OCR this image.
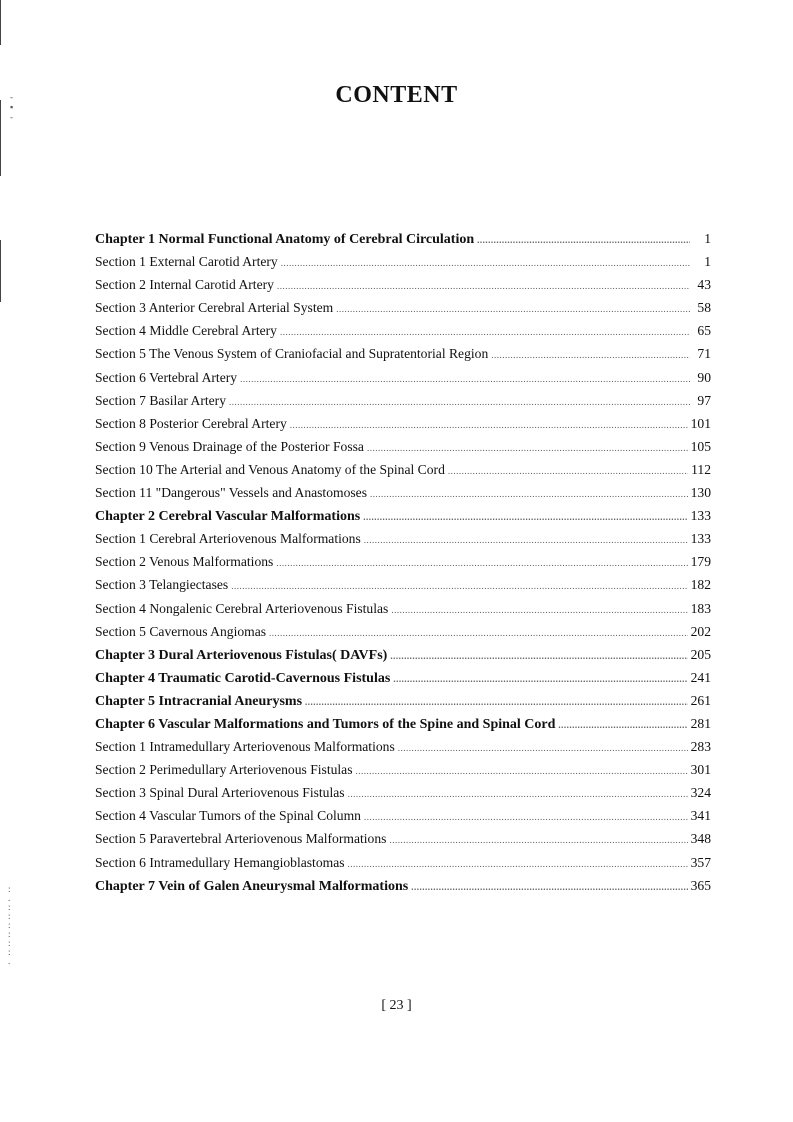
-
▪
-
:
.
:
:
:
:
:
:
.
CONTENT
Chapter 1 Normal Functional Anatomy of Cerebral Circulation .....	1
Section 1 External Carotid Artery .....	1
Section 2 Internal Carotid Artery .....	43
Section 3 Anterior Cerebral Arterial System .....	58
Section 4 Middle Cerebral Artery .....	65
Section 5 The Venous System of Craniofacial and Supratentorial Region .....	71
Section 6 Vertebral Artery .....	90
Section 7 Basilar Artery .....	97
Section 8 Posterior Cerebral Artery .....	101
Section 9 Venous Drainage of the Posterior Fossa .....	105
Section 10 The Arterial and Venous Anatomy of the Spinal Cord .....	112
Section 11 "Dangerous" Vessels and Anastomoses .....	130
Chapter 2 Cerebral Vascular Malformations .....	133
Section 1 Cerebral Arteriovenous Malformations .....	133
Section 2 Venous Malformations .....	179
Section 3 Telangiectases .....	182
Section 4 Nongalenic Cerebral Arteriovenous Fistulas .....	183
Section 5 Cavernous Angiomas .....	202
Chapter 3 Dural Arteriovenous Fistulas( DAVFs) .....	205
Chapter 4 Traumatic Carotid-Cavernous Fistulas .....	241
Chapter 5 Intracranial Aneurysms .....	261
Chapter 6 Vascular Malformations and Tumors of the Spine and Spinal Cord .....	281
Section 1 Intramedullary Arteriovenous Malformations .....	283
Section 2 Perimedullary Arteriovenous Fistulas .....	301
Section 3 Spinal Dural Arteriovenous Fistulas .....	324
Section 4 Vascular Tumors of the Spinal Column .....	341
Section 5 Paravertebral Arteriovenous Malformations .....	348
Section 6 Intramedullary Hemangioblastomas .....	357
Chapter 7 Vein of Galen Aneurysmal Malformations .....	365
[ 23 ]
